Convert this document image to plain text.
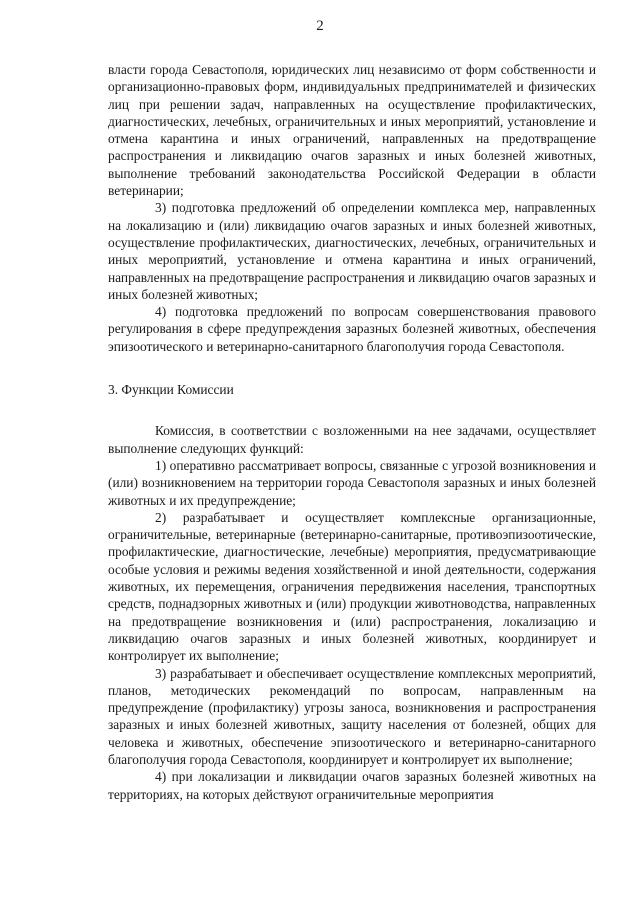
2

власти города Севастополя, юридических лиц независимо от форм собственности и организационно-правовых форм, индивидуальных предпринимателей и физических лиц при решении задач, направленных на осуществление профилактических, диагностических, лечебных, ограничительных и иных мероприятий, установление и отмена карантина и иных ограничений, направленных на предотвращение распространения и ликвидацию очагов заразных и иных болезней животных, выполнение требований законодательства Российской Федерации в области ветеринарии;

3) подготовка предложений об определении комплекса мер, направленных на локализацию и (или) ликвидацию очагов заразных и иных болезней животных, осуществление профилактических, диагностических, лечебных, ограничительных и иных мероприятий, установление и отмена карантина и иных ограничений, направленных на предотвращение распространения и ликвидацию очагов заразных и иных болезней животных;

4) подготовка предложений по вопросам совершенствования правового регулирования в сфере предупреждения заразных болезней животных, обеспечения эпизоотического и ветеринарно-санитарного благополучия города Севастополя.

3. Функции Комиссии

Комиссия, в соответствии с возложенными на нее задачами, осуществляет выполнение следующих функций:

1) оперативно рассматривает вопросы, связанные с угрозой возникновения и (или) возникновением на территории города Севастополя заразных и иных болезней животных и их предупреждение;

2) разрабатывает и осуществляет комплексные организационные, ограничительные, ветеринарные (ветеринарно-санитарные, противоэпизоотические, профилактические, диагностические, лечебные) мероприятия, предусматривающие особые условия и режимы ведения хозяйственной и иной деятельности, содержания животных, их перемещения, ограничения передвижения населения, транспортных средств, поднадзорных животных и (или) продукции животноводства, направленных на предотвращение возникновения и (или) распространения, локализацию и ликвидацию очагов заразных и иных болезней животных, координирует и контролирует их выполнение;

3) разрабатывает и обеспечивает осуществление комплексных мероприятий, планов, методических рекомендаций по вопросам, направленным на предупреждение (профилактику) угрозы заноса, возникновения и распространения заразных и иных болезней животных, защиту населения от болезней, общих для человека и животных, обеспечение эпизоотического и ветеринарно-санитарного благополучия города Севастополя, координирует и контролирует их выполнение;

4) при локализации и ликвидации очагов заразных болезней животных на территориях, на которых действуют ограничительные мероприятия
